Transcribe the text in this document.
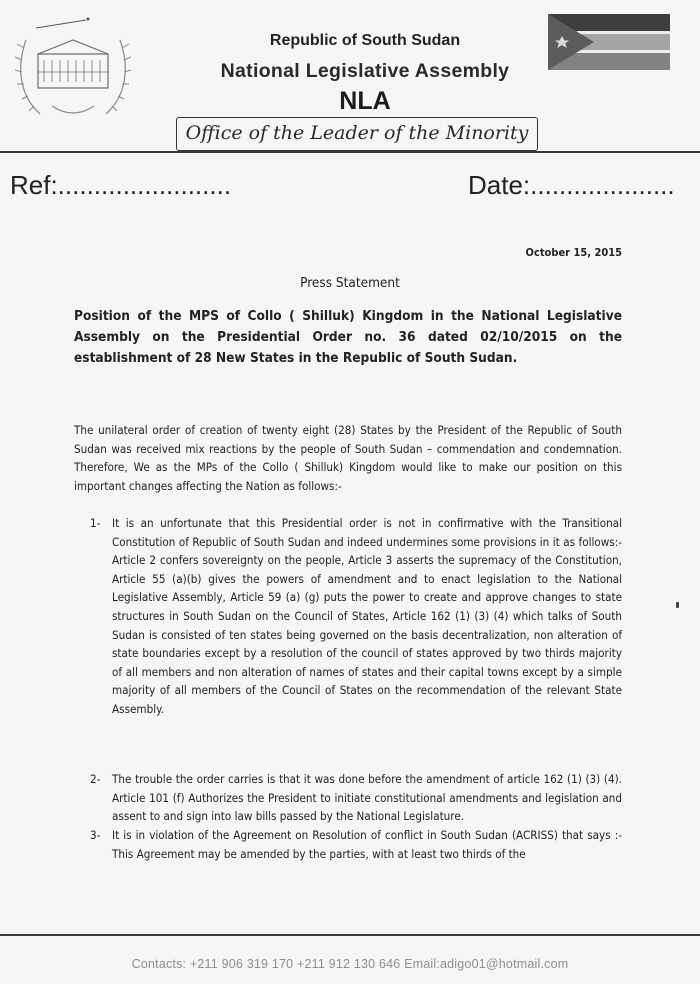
Republic of South Sudan
National Legislative Assembly
NLA
Office of the Leader of the Minority
Ref:........................	Date:....................
October 15, 2015
Press Statement
Position of the MPS of Collo ( Shilluk) Kingdom in the National Legislative Assembly on the Presidential Order no. 36 dated 02/10/2015 on the establishment of 28 New States in the Republic of South Sudan.
The unilateral order of creation of twenty eight (28) States by the President of the Republic of South Sudan was received mix reactions by the people of South Sudan – commendation and condemnation. Therefore, We as the MPs of the Collo ( Shilluk) Kingdom would like to make our position on this important changes affecting the Nation as follows:-
1- It is an unfortunate that this Presidential order is not in confirmative with the Transitional Constitution of Republic of South Sudan and indeed undermines some provisions in it as follows:- Article 2 confers sovereignty on the people, Article 3 asserts the supremacy of the Constitution, Article 55 (a)(b) gives the powers of amendment and to enact legislation to the National Legislative Assembly, Article 59 (a) (g) puts the power to create and approve changes to state structures in South Sudan on the Council of States, Article 162 (1) (3) (4) which talks of South Sudan is consisted of ten states being governed on the basis decentralization, non alteration of state boundaries except by a resolution of the council of states approved by two thirds majority of all members and non alteration of names of states and their capital towns except by a simple majority of all members of the Council of States on the recommendation of the relevant State Assembly.
2- The trouble the order carries is that it was done before the amendment of article 162 (1) (3) (4). Article 101 (f) Authorizes the President to initiate constitutional amendments and legislation and assent to and sign into law bills passed by the National Legislature.
3- It is in violation of the Agreement on Resolution of conflict in South Sudan (ACRISS) that says :- This Agreement may be amended by the parties, with at least two thirds of the
Contacts: +211 906 319 170 +211 912 130 646 Email:adigo01@hotmail.com
